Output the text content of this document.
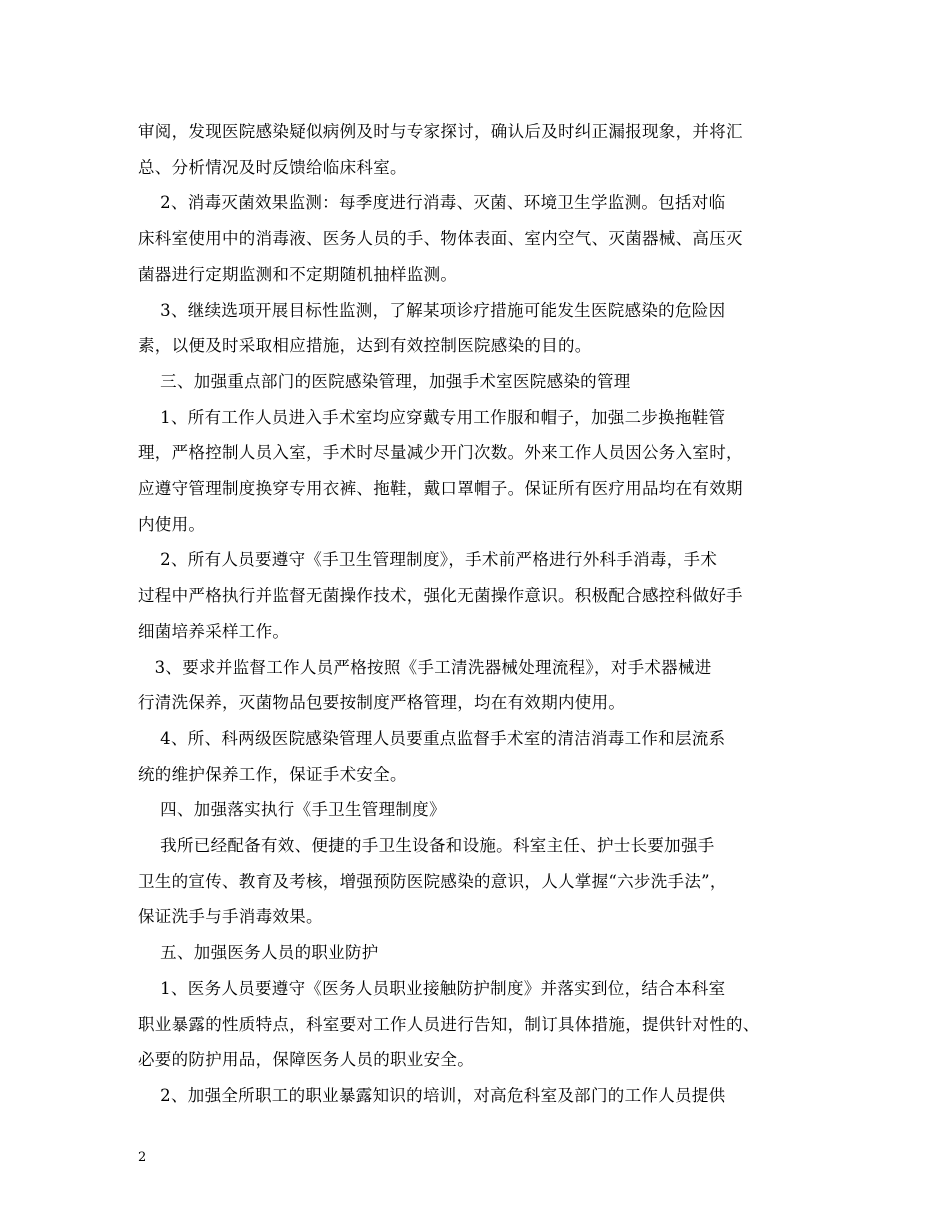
审阅，发现医院感染疑似病例及时与专家探讨，确认后及时纠正漏报现象，并将汇
总、分析情况及时反馈给临床科室。
2、消毒灭菌效果监测：每季度进行消毒、灭菌、环境卫生学监测。包括对临
床科室使用中的消毒液、医务人员的手、物体表面、室内空气、灭菌器械、高压灭
菌器进行定期监测和不定期随机抽样监测。
3、继续选项开展目标性监测，了解某项诊疗措施可能发生医院感染的危险因
素，以便及时采取相应措施，达到有效控制医院感染的目的。
三、加强重点部门的医院感染管理，加强手术室医院感染的管理
1、所有工作人员进入手术室均应穿戴专用工作服和帽子，加强二步换拖鞋管
理，严格控制人员入室，手术时尽量减少开门次数。外来工作人员因公务入室时，
应遵守管理制度换穿专用衣裤、拖鞋，戴口罩帽子。保证所有医疗用品均在有效期
内使用。
2、所有人员要遵守《手卫生管理制度》，手术前严格进行外科手消毒，手术
过程中严格执行并监督无菌操作技术，强化无菌操作意识。积极配合感控科做好手
细菌培养采样工作。
3、要求并监督工作人员严格按照《手工清洗器械处理流程》，对手术器械进
行清洗保养，灭菌物品包要按制度严格管理，均在有效期内使用。
4、所、科两级医院感染管理人员要重点监督手术室的清洁消毒工作和层流系
统的维护保养工作，保证手术安全。
四、加强落实执行《手卫生管理制度》
我所已经配备有效、便捷的手卫生设备和设施。科室主任、护士长要加强手
卫生的宣传、教育及考核，增强预防医院感染的意识，人人掌握“六步洗手法”，
保证洗手与手消毒效果。
五、加强医务人员的职业防护
1、医务人员要遵守《医务人员职业接触防护制度》并落实到位，结合本科室
职业暴露的性质特点，科室要对工作人员进行告知，制订具体措施，提供针对性的、
必要的防护用品，保障医务人员的职业安全。
2、加强全所职工的职业暴露知识的培训，对高危科室及部门的工作人员提供
2
